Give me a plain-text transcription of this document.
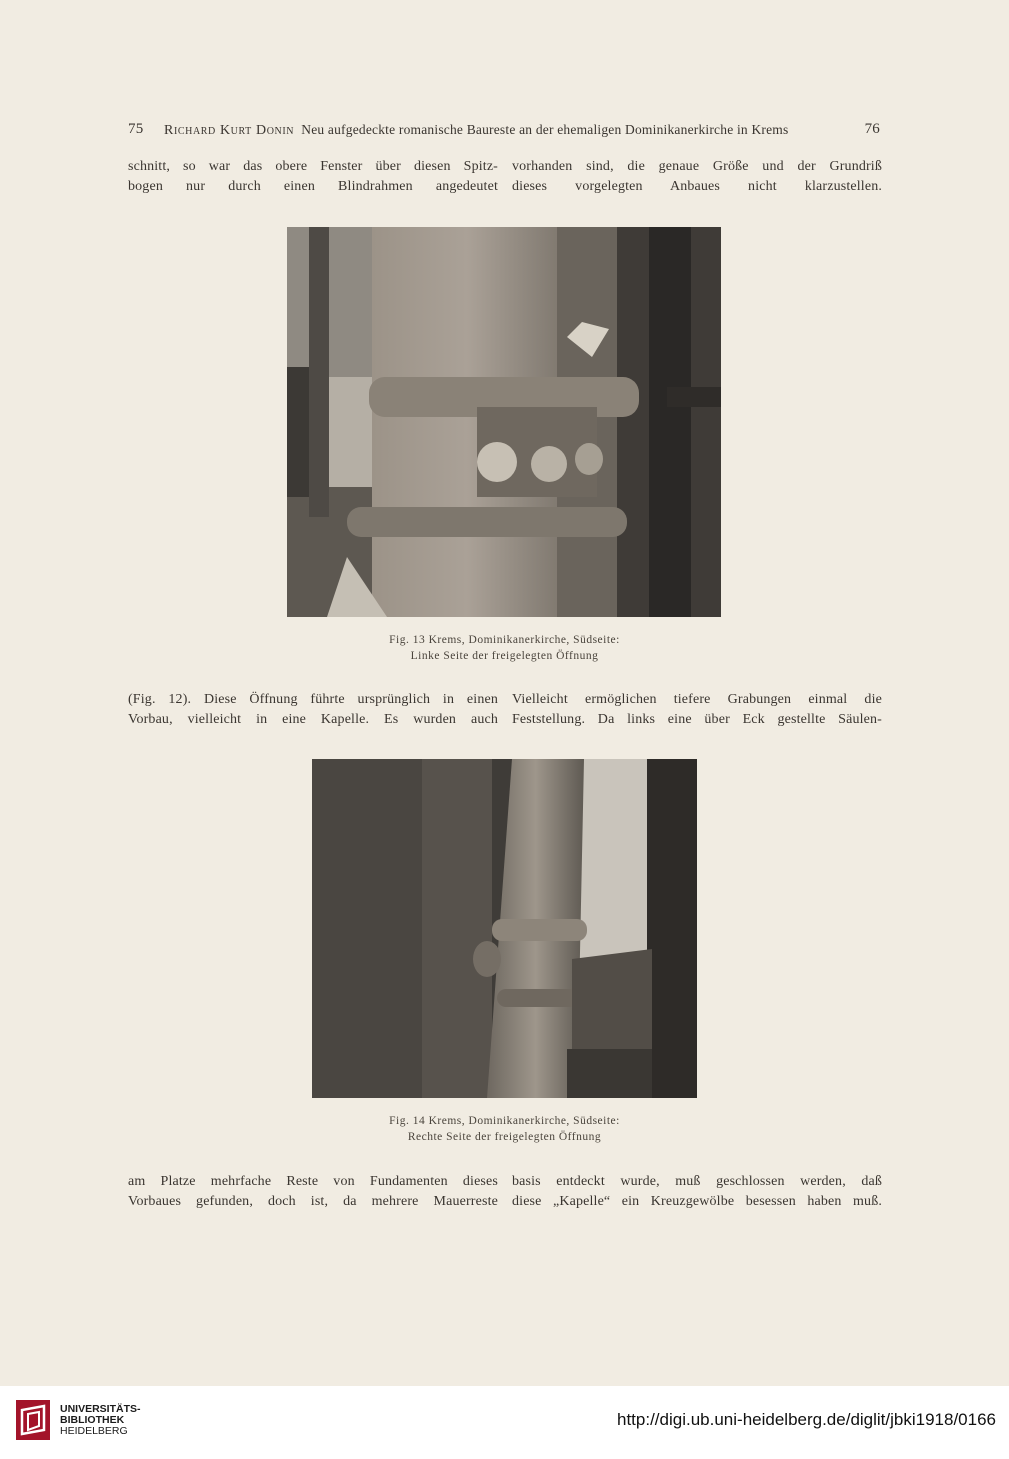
75 Richard Kurt Donin Neu aufgedeckte romanische Baureste an der ehemaligen Dominikanerkirche in Krems	76

schnitt, so war das obere Fenster über diesen Spitz-

bogen nur durch einen Blindrahmen angedeutet

vorhanden sind, die genaue Größe und der Grundriß

dieses vorgelegten Anbaues nicht klarzustellen.

Fig. 13 Krems, Dominikanerkirche, Südseite:

Linke Seite der freigelegten Öffnung

(Fig. 12). Diese Öffnung führte ursprünglich in einen

Vorbau, vielleicht in eine Kapelle. Es wurden auch

Vielleicht ermöglichen tiefere Grabungen einmal die

Feststellung. Da links eine über Eck gestellte Säulen-

Fig. 14 Krems, Dominikanerkirche, Südseite:

Rechte Seite der freigelegten Öffnung

am Platze mehrfache Reste von Fundamenten dieses

Vorbaues gefunden, doch ist, da mehrere Mauerreste

basis entdeckt wurde, muß geschlossen werden, daß

diese „Kapelle“ ein Kreuzgewölbe besessen haben muß.

UNIVERSITÄTS-
BIBLIOTHEK
HEIDELBERG
http://digi.ub.uni-heidelberg.de/diglit/jbki1918/0166
